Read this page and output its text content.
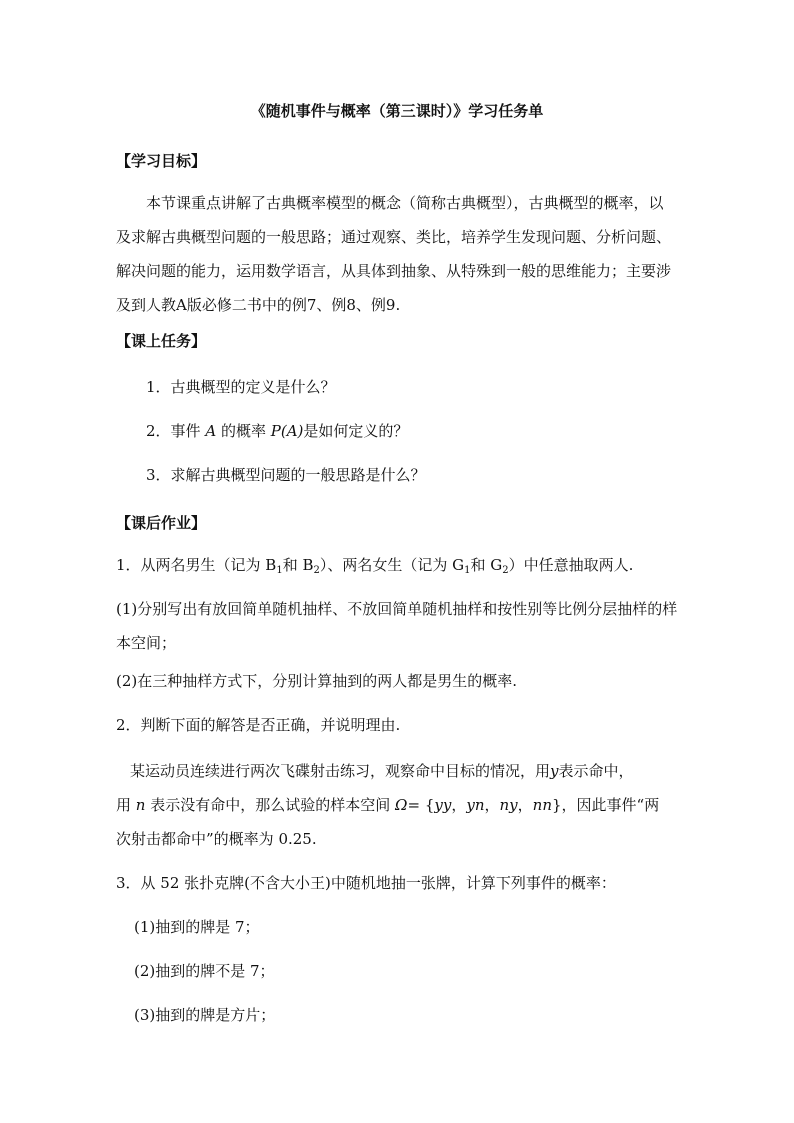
《随机事件与概率（第三课时）》学习任务单
【学习目标】
本节课重点讲解了古典概率模型的概念（简称古典概型），古典概型的概率，以及求解古典概型问题的一般思路；通过观察、类比，培养学生发现问题、分析问题、解决问题的能力，运用数学语言，从具体到抽象、从特殊到一般的思维能力；主要涉及到人教A版必修二书中的例7、例8、例9.
【课上任务】
1．古典概型的定义是什么？
2．事件 A 的概率 P(A)是如何定义的？
3．求解古典概型问题的一般思路是什么？
【课后作业】
1．从两名男生（记为 $B_1$和 $B_2$）、两名女生（记为 $G_1$和 $G_2$）中任意抽取两人.
(1)分别写出有放回简单随机抽样、不放回简单随机抽样和按性别等比例分层抽样的样本空间；
(2)在三种抽样方式下，分别计算抽到的两人都是男生的概率.
2．判断下面的解答是否正确，并说明理由.
某运动员连续进行两次飞碟射击练习，观察命中目标的情况，用y表示命中，
用 n 表示没有命中，那么试验的样本空间 Ω= {yy，yn，ny，nn}，因此事件“两
次射击都命中”的概率为 0.25.
3．从 52 张扑克牌(不含大小王)中随机地抽一张牌，计算下列事件的概率：
(1)抽到的牌是 7；
(2)抽到的牌不是 7；
(3)抽到的牌是方片；
